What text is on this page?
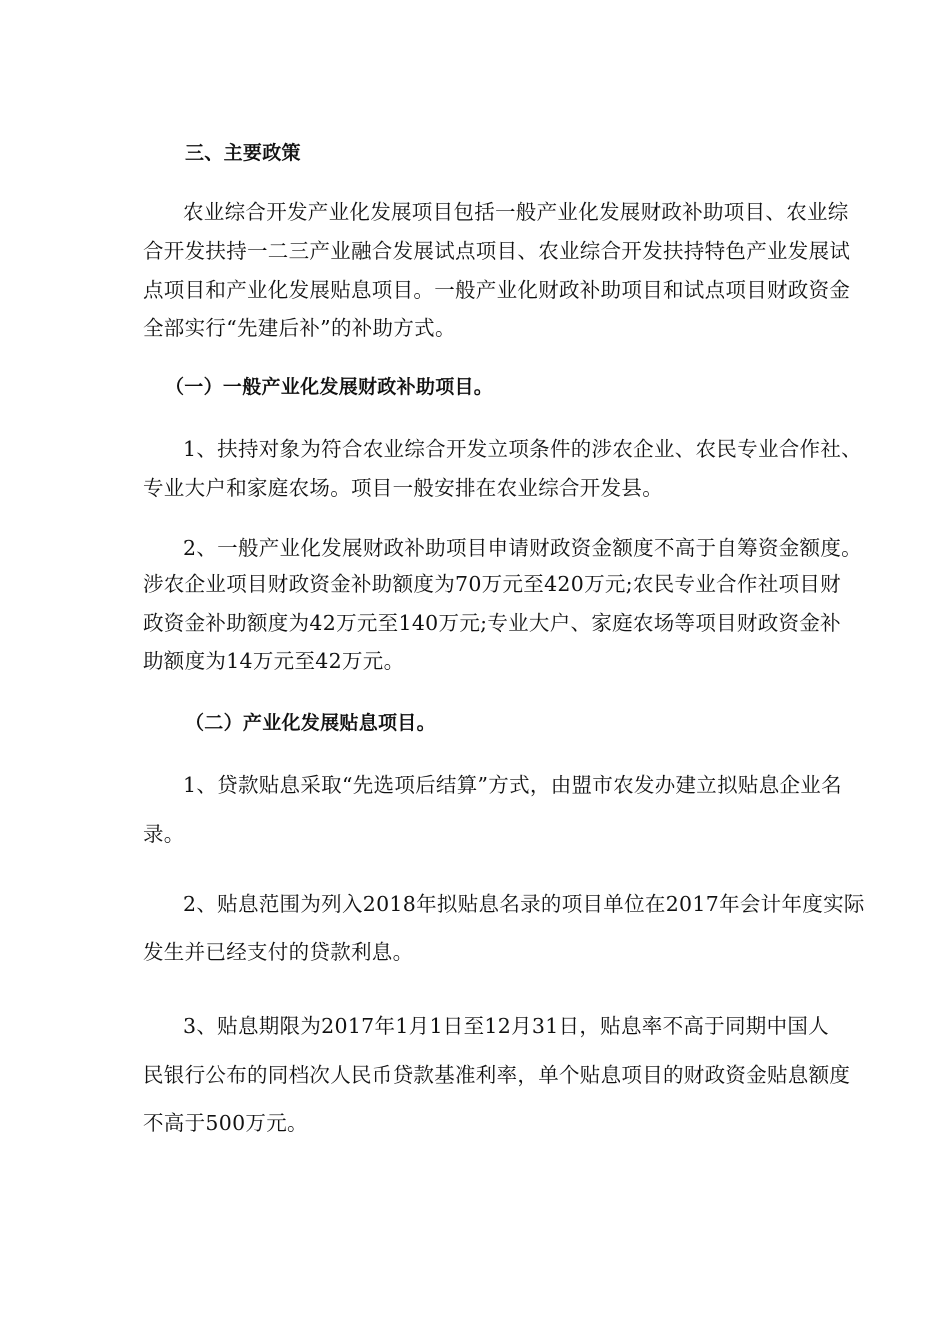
三、主要政策
农业综合开发产业化发展项目包括一般产业化发展财政补助项目、农业综
合开发扶持一二三产业融合发展试点项目、农业综合开发扶持特色产业发展试
点项目和产业化发展贴息项目。一般产业化财政补助项目和试点项目财政资金
全部实行“先建后补”的补助方式。
（一）一般产业化发展财政补助项目。
1、扶持对象为符合农业综合开发立项条件的涉农企业、农民专业合作社、
专业大户和家庭农场。项目一般安排在农业综合开发县。
2、一般产业化发展财政补助项目申请财政资金额度不高于自筹资金额度。
涉农企业项目财政资金补助额度为70万元至420万元;农民专业合作社项目财
政资金补助额度为42万元至140万元;专业大户、家庭农场等项目财政资金补
助额度为14万元至42万元。
（二）产业化发展贴息项目。
1、贷款贴息采取“先选项后结算”方式，由盟市农发办建立拟贴息企业名
录。
2、贴息范围为列入2018年拟贴息名录的项目单位在2017年会计年度实际
发生并已经支付的贷款利息。
3、贴息期限为2017年1月1日至12月31日，贴息率不高于同期中国人
民银行公布的同档次人民币贷款基准利率，单个贴息项目的财政资金贴息额度
不高于500万元。
